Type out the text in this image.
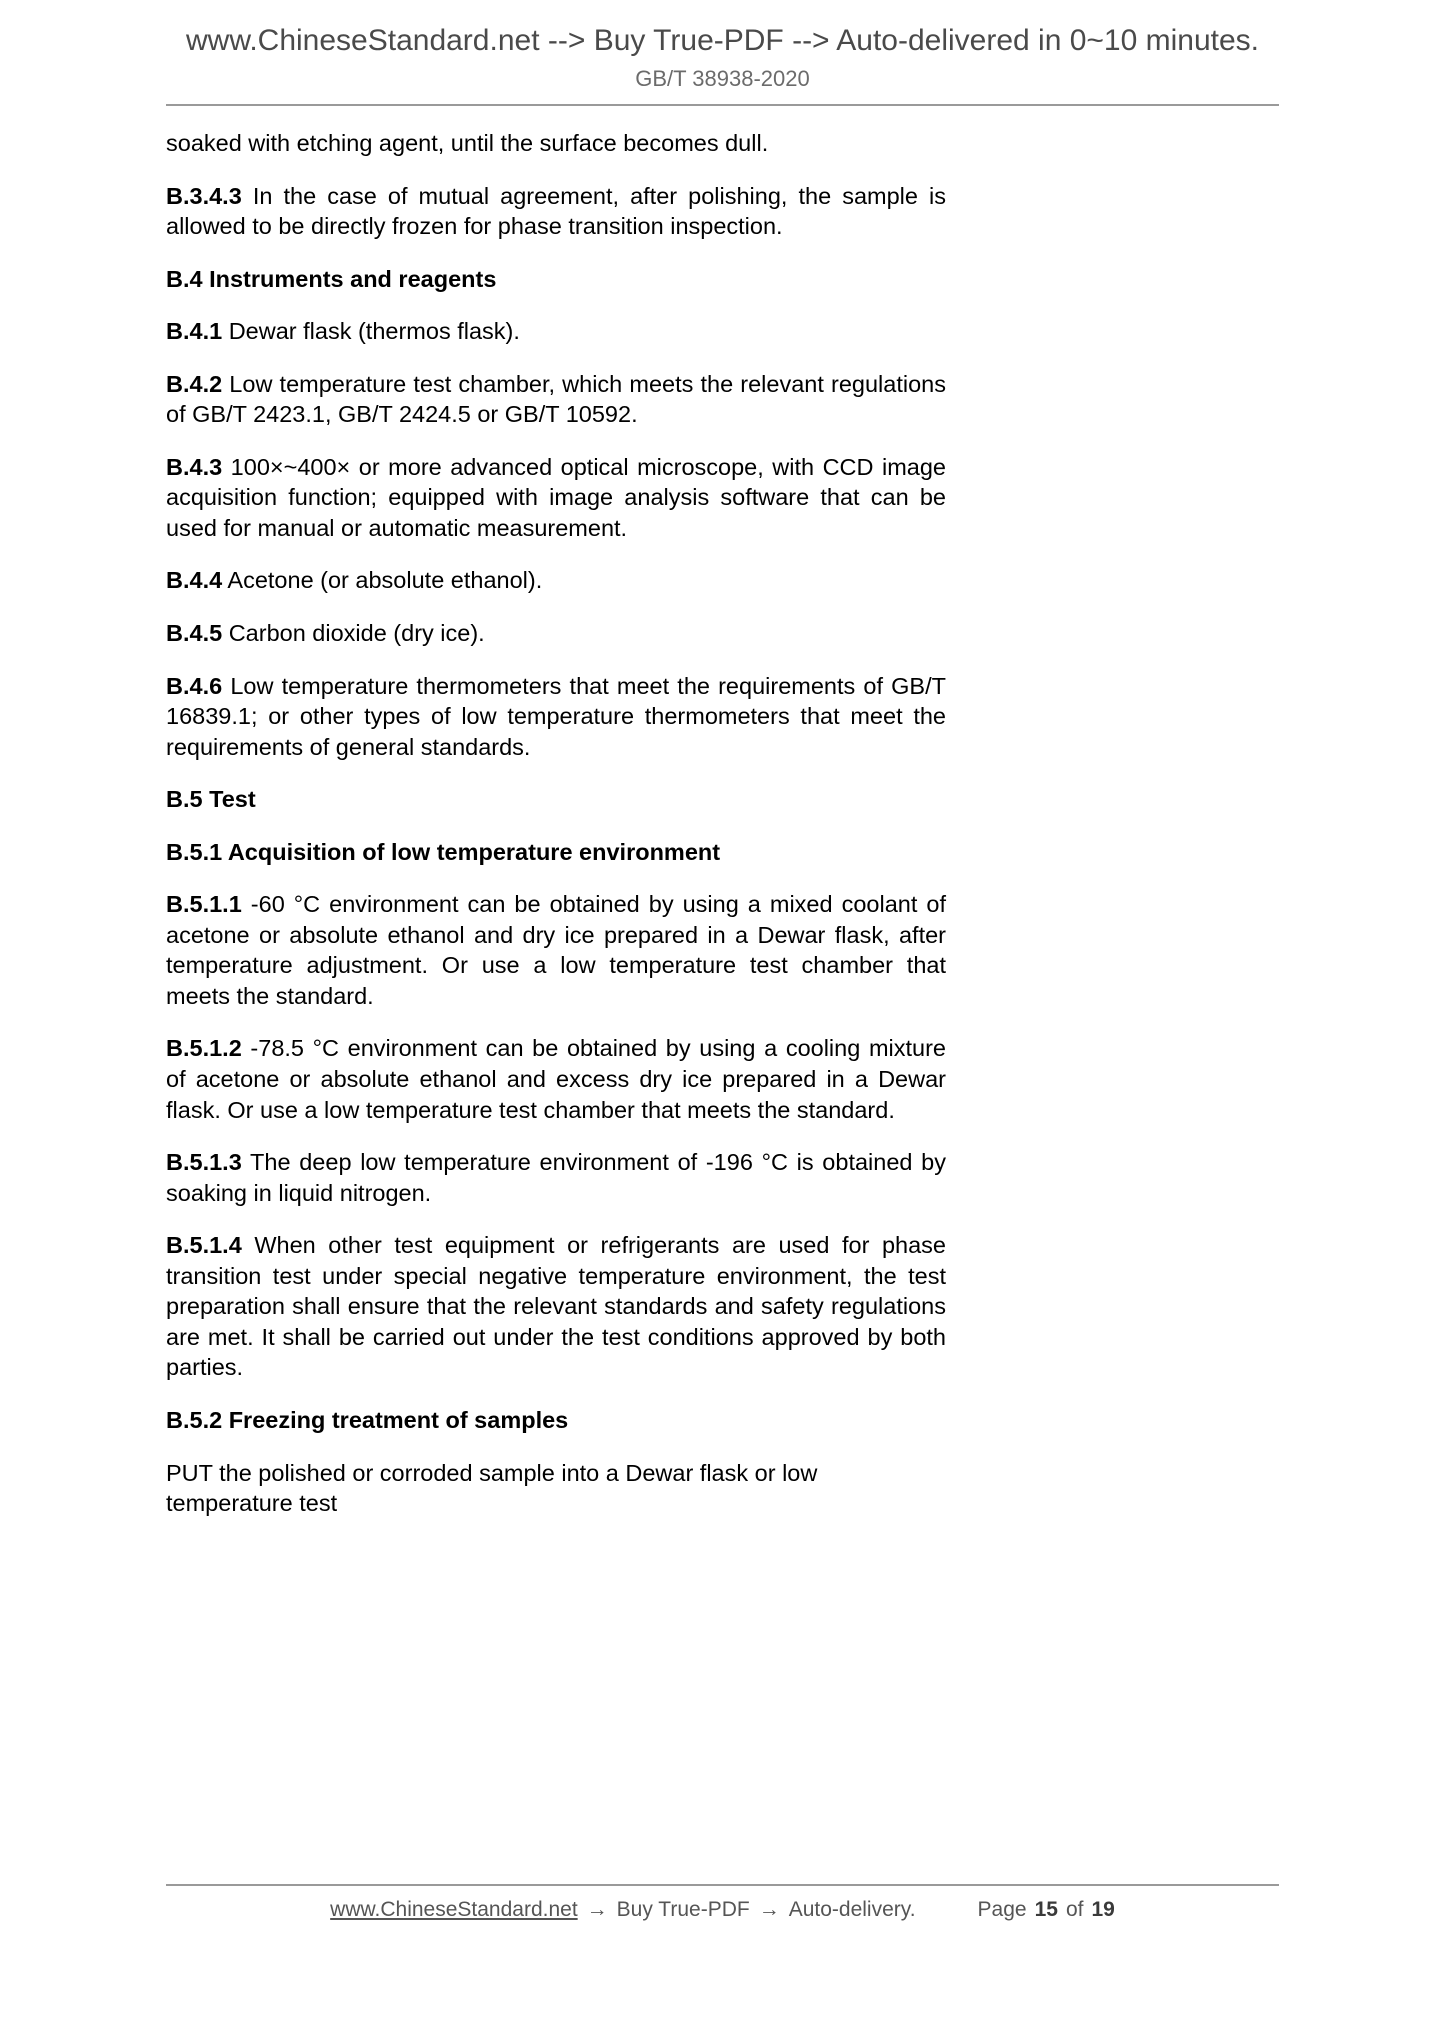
www.ChineseStandard.net --> Buy True-PDF --> Auto-delivered in 0~10 minutes.
GB/T 38938-2020

soaked with etching agent, until the surface becomes dull.

B.3.4.3 In the case of mutual agreement, after polishing, the sample is allowed to be directly frozen for phase transition inspection.

B.4 Instruments and reagents

B.4.1 Dewar flask (thermos flask).

B.4.2 Low temperature test chamber, which meets the relevant regulations of GB/T 2423.1, GB/T 2424.5 or GB/T 10592.

B.4.3 100×~400× or more advanced optical microscope, with CCD image acquisition function; equipped with image analysis software that can be used for manual or automatic measurement.

B.4.4 Acetone (or absolute ethanol).

B.4.5 Carbon dioxide (dry ice).

B.4.6 Low temperature thermometers that meet the requirements of GB/T 16839.1; or other types of low temperature thermometers that meet the requirements of general standards.

B.5 Test
B.5.1 Acquisition of low temperature environment

B.5.1.1 -60 °C environment can be obtained by using a mixed coolant of acetone or absolute ethanol and dry ice prepared in a Dewar flask, after temperature adjustment. Or use a low temperature test chamber that meets the standard.

B.5.1.2 -78.5 °C environment can be obtained by using a cooling mixture of acetone or absolute ethanol and excess dry ice prepared in a Dewar flask. Or use a low temperature test chamber that meets the standard.

B.5.1.3 The deep low temperature environment of -196 °C is obtained by soaking in liquid nitrogen.

B.5.1.4 When other test equipment or refrigerants are used for phase transition test under special negative temperature environment, the test preparation shall ensure that the relevant standards and safety regulations are met. It shall be carried out under the test conditions approved by both parties.

B.5.2 Freezing treatment of samples

PUT the polished or corroded sample into a Dewar flask or low temperature test

www.ChineseStandard.net → Buy True-PDF → Auto-delivery.	Page 15 of 19
